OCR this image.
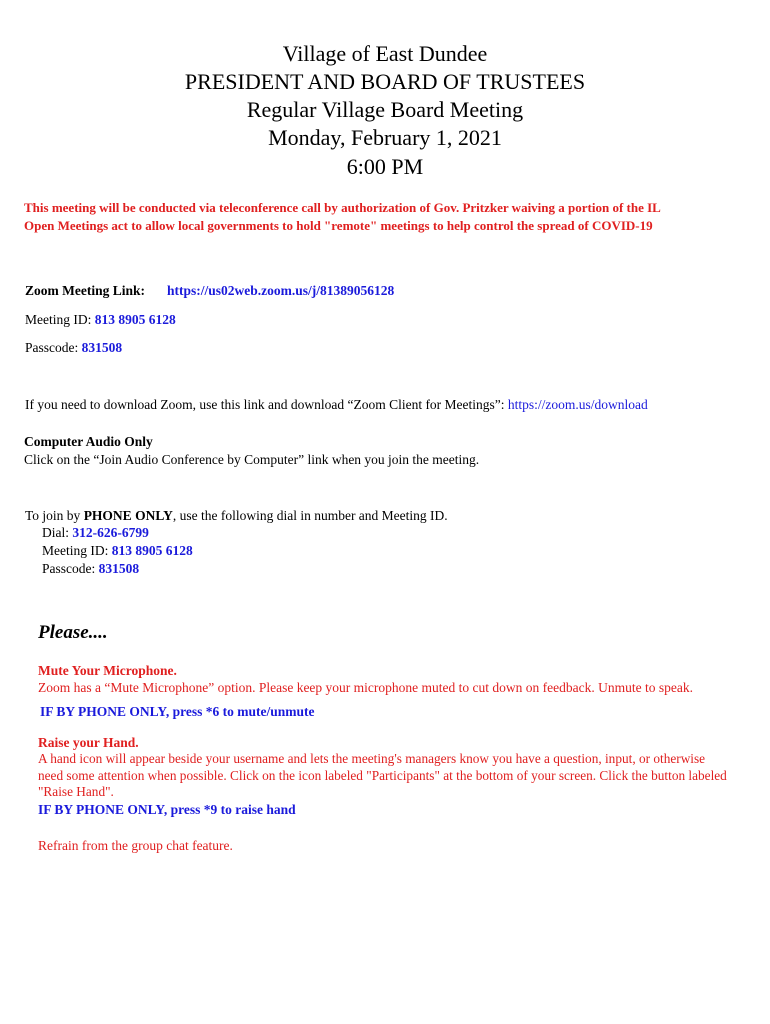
Village of East Dundee
PRESIDENT AND BOARD OF TRUSTEES
Regular Village Board Meeting
Monday, February 1, 2021
6:00 PM
This meeting will be conducted via teleconference call by authorization of Gov. Pritzker waiving a portion of the IL
Open Meetings act to allow local governments to hold "remote" meetings to help control the spread of COVID-19
Zoom Meeting Link: https://us02web.zoom.us/j/81389056128
Meeting ID: 813 8905 6128
Passcode: 831508
If you need to download Zoom, use this link and download “Zoom Client for Meetings”: https://zoom.us/download
Computer Audio Only
Click on the “Join Audio Conference by Computer” link when you join the meeting.
To join by PHONE ONLY, use the following dial in number and Meeting ID.
Dial: 312-626-6799
Meeting ID: 813 8905 6128
Passcode: 831508
Please....
Mute Your Microphone.
Zoom has a “Mute Microphone” option. Please keep your microphone muted to cut down on feedback. Unmute to speak.
IF BY PHONE ONLY, press *6 to mute/unmute
Raise your Hand.
A hand icon will appear beside your username and lets the meeting's managers know you have a question, input, or otherwise need some attention when possible. Click on the icon labeled "Participants" at the bottom of your screen. Click the button labeled "Raise Hand".
IF BY PHONE ONLY, press *9 to raise hand
Refrain from the group chat feature.
